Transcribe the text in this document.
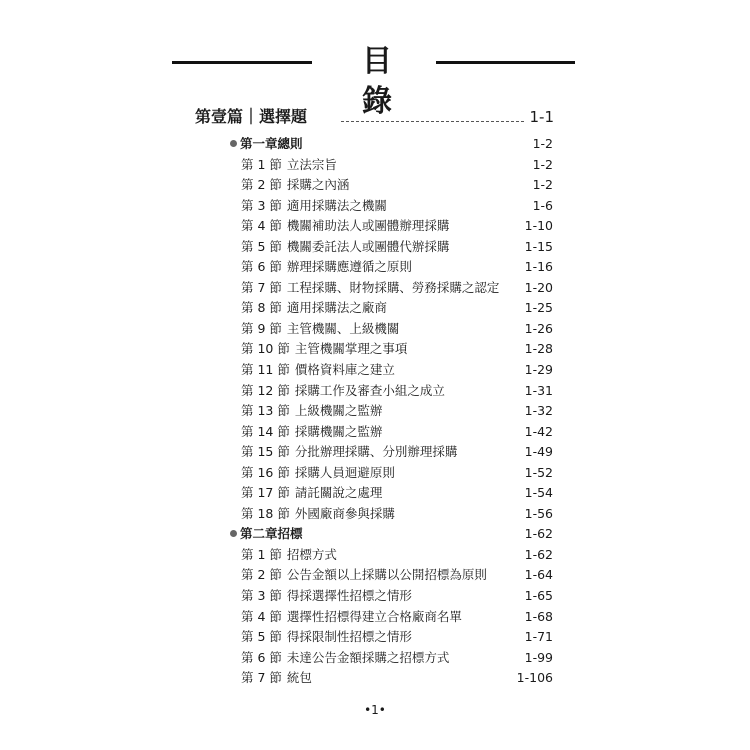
目 錄
第壹篇｜選擇題	1-1
第一章總則	1-2
第 1 節 立法宗旨	1-2
第 2 節 採購之內涵	1-2
第 3 節 適用採購法之機關	1-6
第 4 節 機關補助法人或團體辦理採購	1-10
第 5 節 機關委託法人或團體代辦採購	1-15
第 6 節 辦理採購應遵循之原則	1-16
第 7 節 工程採購、財物採購、勞務採購之認定 1-20
第 8 節 適用採購法之廠商	1-25
第 9 節 主管機關、上級機關	1-26
第 10 節 主管機關掌理之事項	1-28
第 11 節 價格資料庫之建立	1-29
第 12 節 採購工作及審查小組之成立	1-31
第 13 節 上級機關之監辦	1-32
第 14 節 採購機關之監辦	1-42
第 15 節 分批辦理採購、分別辦理採購	1-49
第 16 節 採購人員迴避原則	1-52
第 17 節 請託關說之處理	1-54
第 18 節 外國廠商參與採購	1-56
第二章招標	1-62
第 1 節 招標方式	1-62
第 2 節 公告金額以上採購以公開招標為原則	1-64
第 3 節 得採選擇性招標之情形	1-65
第 4 節 選擇性招標得建立合格廠商名單	1-68
第 5 節 得採限制性招標之情形	1-71
第 6 節 未達公告金額採購之招標方式	1-99
第 7 節 統包	1-106
•1•
